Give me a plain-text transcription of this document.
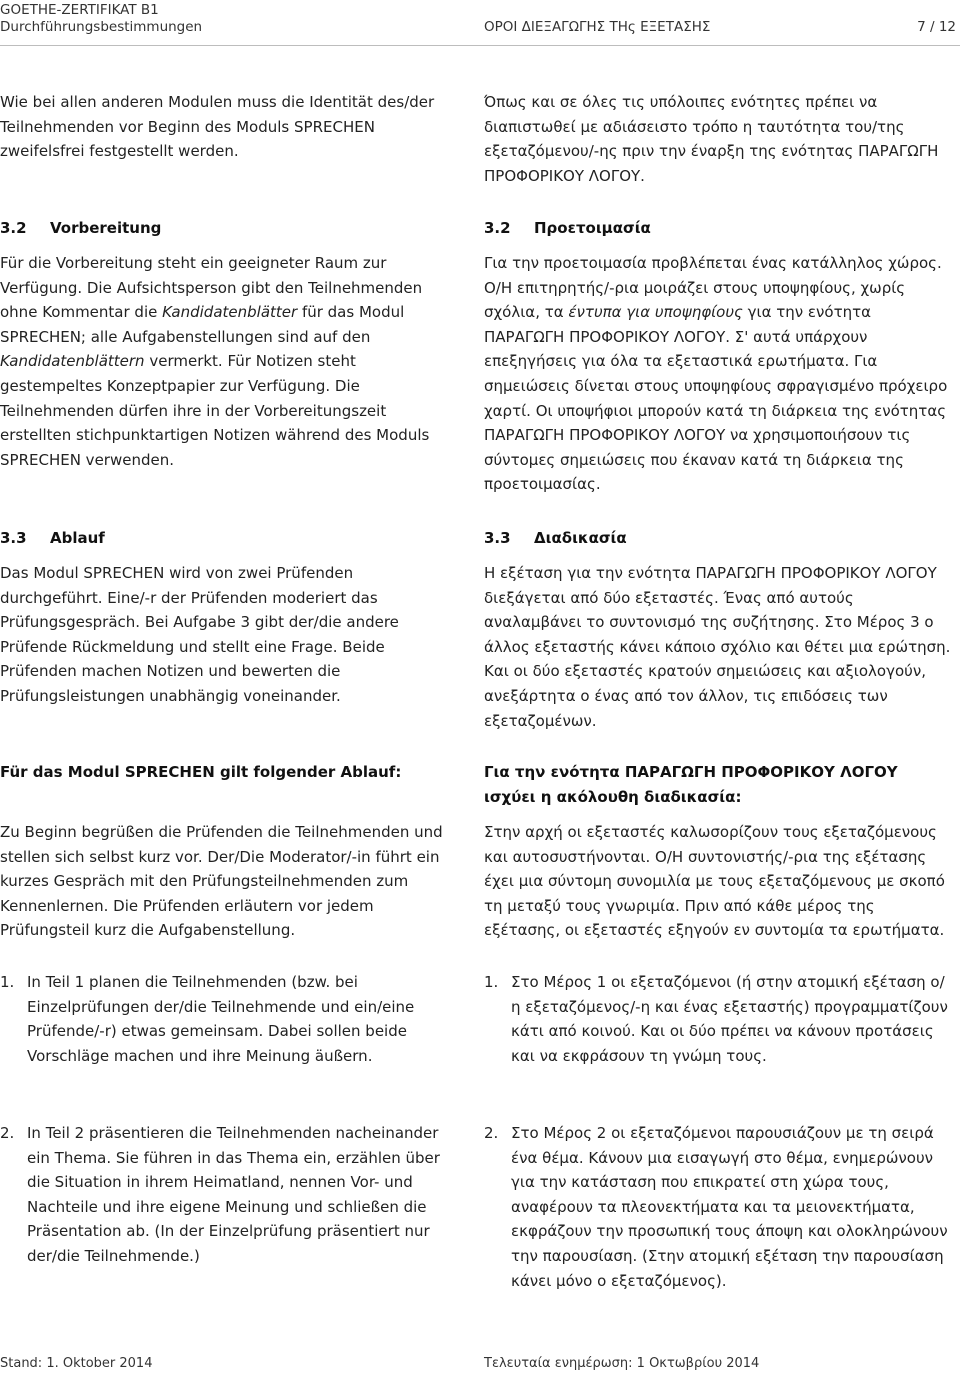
GOETHE-ZERTIFIKAT B1
Durchführungsbestimmungen	ΟΡΟΙ ΔΙΕΞΑΓΩΓΗΣ ΤΗς ΕΞΕΤΑΣΗΣ	7 / 12

Wie bei allen anderen Modulen muss die Identität des/der Teilnehmenden vor Beginn des Moduls SPRECHEN zweifelsfrei festgestellt werden.

3.2 Vorbereitung

Für die Vorbereitung steht ein geeigneter Raum zur Verfügung. Die Aufsichtsperson gibt den Teilnehmenden ohne Kommentar die Kandidatenblätter für das Modul SPRECHEN; alle Aufgabenstellungen sind auf den Kandidatenblättern vermerkt. Für Notizen steht gestempeltes Konzeptpapier zur Verfügung. Die Teilnehmenden dürfen ihre in der Vorbereitungszeit erstellten stichpunktartigen Notizen während des Moduls SPRECHEN verwenden.

3.3 Ablauf

Das Modul SPRECHEN wird von zwei Prüfenden durchgeführt. Eine/-r der Prüfenden moderiert das Prüfungsgespräch. Bei Aufgabe 3 gibt der/die andere Prüfende Rückmeldung und stellt eine Frage. Beide Prüfenden machen Notizen und bewerten die Prüfungsleistungen unabhängig voneinander.

Für das Modul SPRECHEN gilt folgender Ablauf:

Zu Beginn begrüßen die Prüfenden die Teilnehmenden und stellen sich selbst kurz vor. Der/Die Moderator/-in führt ein kurzes Gespräch mit den Prüfungsteilnehmenden zum Kennenlernen. Die Prüfenden erläutern vor jedem Prüfungsteil kurz die Aufgabenstellung.

1. In Teil 1 planen die Teilnehmenden (bzw. bei Einzelprüfungen der/die Teilnehmende und ein/eine Prüfende/-r) etwas gemeinsam. Dabei sollen beide Vorschläge machen und ihre Meinung äußern.
2. In Teil 2 präsentieren die Teilnehmenden nacheinander ein Thema. Sie führen in das Thema ein, erzählen über die Situation in ihrem Heimatland, nennen Vor- und Nachteile und ihre eigene Meinung und schließen die Präsentation ab. (In der Einzelprüfung präsentiert nur der/die Teilnehmende.)

Όπως και σε όλες τις υπόλοιπες ενότητες πρέπει να διαπιστωθεί με αδιάσειστο τρόπο η ταυτότητα του/της εξεταζόμενου/-ης πριν την έναρξη της ενότητας ΠΑΡΑΓΩΓΗ ΠΡΟΦΟΡΙΚΟΥ ΛΟΓΟΥ.

3.2 Προετοιμασία

Για την προετοιμασία προβλέπεται ένας κατάλληλος χώρος. Ο/Η επιτηρητής/-ρια μοιράζει στους υποψηφίους, χωρίς σχόλια, τα έντυπα για υποψηφίους για την ενότητα ΠΑΡΑΓΩΓΗ ΠΡΟΦΟΡΙΚΟΥ ΛΟΓΟΥ. Σ' αυτά υπάρχουν επεξηγήσεις για όλα τα εξεταστικά ερωτήματα. Για σημειώσεις δίνεται στους υποψηφίους σφραγισμένο πρόχειρο χαρτί. Οι υποψήφιοι μπορούν κατά τη διάρκεια της ενότητας ΠΑΡΑΓΩΓΗ ΠΡΟΦΟΡΙΚΟΥ ΛΟΓΟΥ να χρησιμοποιήσουν τις σύντομες σημειώσεις που έκαναν κατά τη διάρκεια της προετοιμασίας.

3.3 Διαδικασία

Η εξέταση για την ενότητα ΠΑΡΑΓΩΓΗ ΠΡΟΦΟΡΙΚΟΥ ΛΟΓΟΥ διεξάγεται από δύο εξεταστές. Ένας από αυτούς αναλαμβάνει το συντονισμό της συζήτησης. Στο Μέρος 3 ο άλλος εξεταστής κάνει κάποιο σχόλιο και θέτει μια ερώτηση. Και οι δύο εξεταστές κρατούν σημειώσεις και αξιολογούν, ανεξάρτητα ο ένας από τον άλλον, τις επιδόσεις των εξεταζομένων.

Για την ενότητα ΠΑΡΑΓΩΓΗ ΠΡΟΦΟΡΙΚΟΥ ΛΟΓΟΥ ισχύει η ακόλουθη διαδικασία:

Στην αρχή οι εξεταστές καλωσορίζουν τους εξεταζόμενους και αυτοσυστήνονται. Ο/Η συντονιστής/-ρια της εξέτασης έχει μια σύντομη συνομιλία με τους εξεταζόμενους με σκοπό τη μεταξύ τους γνωριμία. Πριν από κάθε μέρος της εξέτασης, οι εξεταστές εξηγούν εν συντομία τα ερωτήματα.

1. Στο Μέρος 1 οι εξεταζόμενοι (ή στην ατομική εξέταση ο/η εξεταζόμενος/-η και ένας εξεταστής) προγραμματίζουν κάτι από κοινού. Και οι δύο πρέπει να κάνουν προτάσεις και να εκφράσουν τη γνώμη τους.
2. Στο Μέρος 2 οι εξεταζόμενοι παρουσιάζουν με τη σειρά ένα θέμα. Κάνουν μια εισαγωγή στο θέμα, ενημερώνουν για την κατάσταση που επικρατεί στη χώρα τους, αναφέρουν τα πλεονεκτήματα και τα μειονεκτήματα, εκφράζουν την προσωπική τους άποψη και ολοκληρώνουν την παρουσίαση. (Στην ατομική εξέταση την παρουσίαση κάνει μόνο ο εξεταζόμενος).
Stand: 1. Oktober 2014	Τελευταία ενημέρωση: 1 Οκτωβρίου 2014
